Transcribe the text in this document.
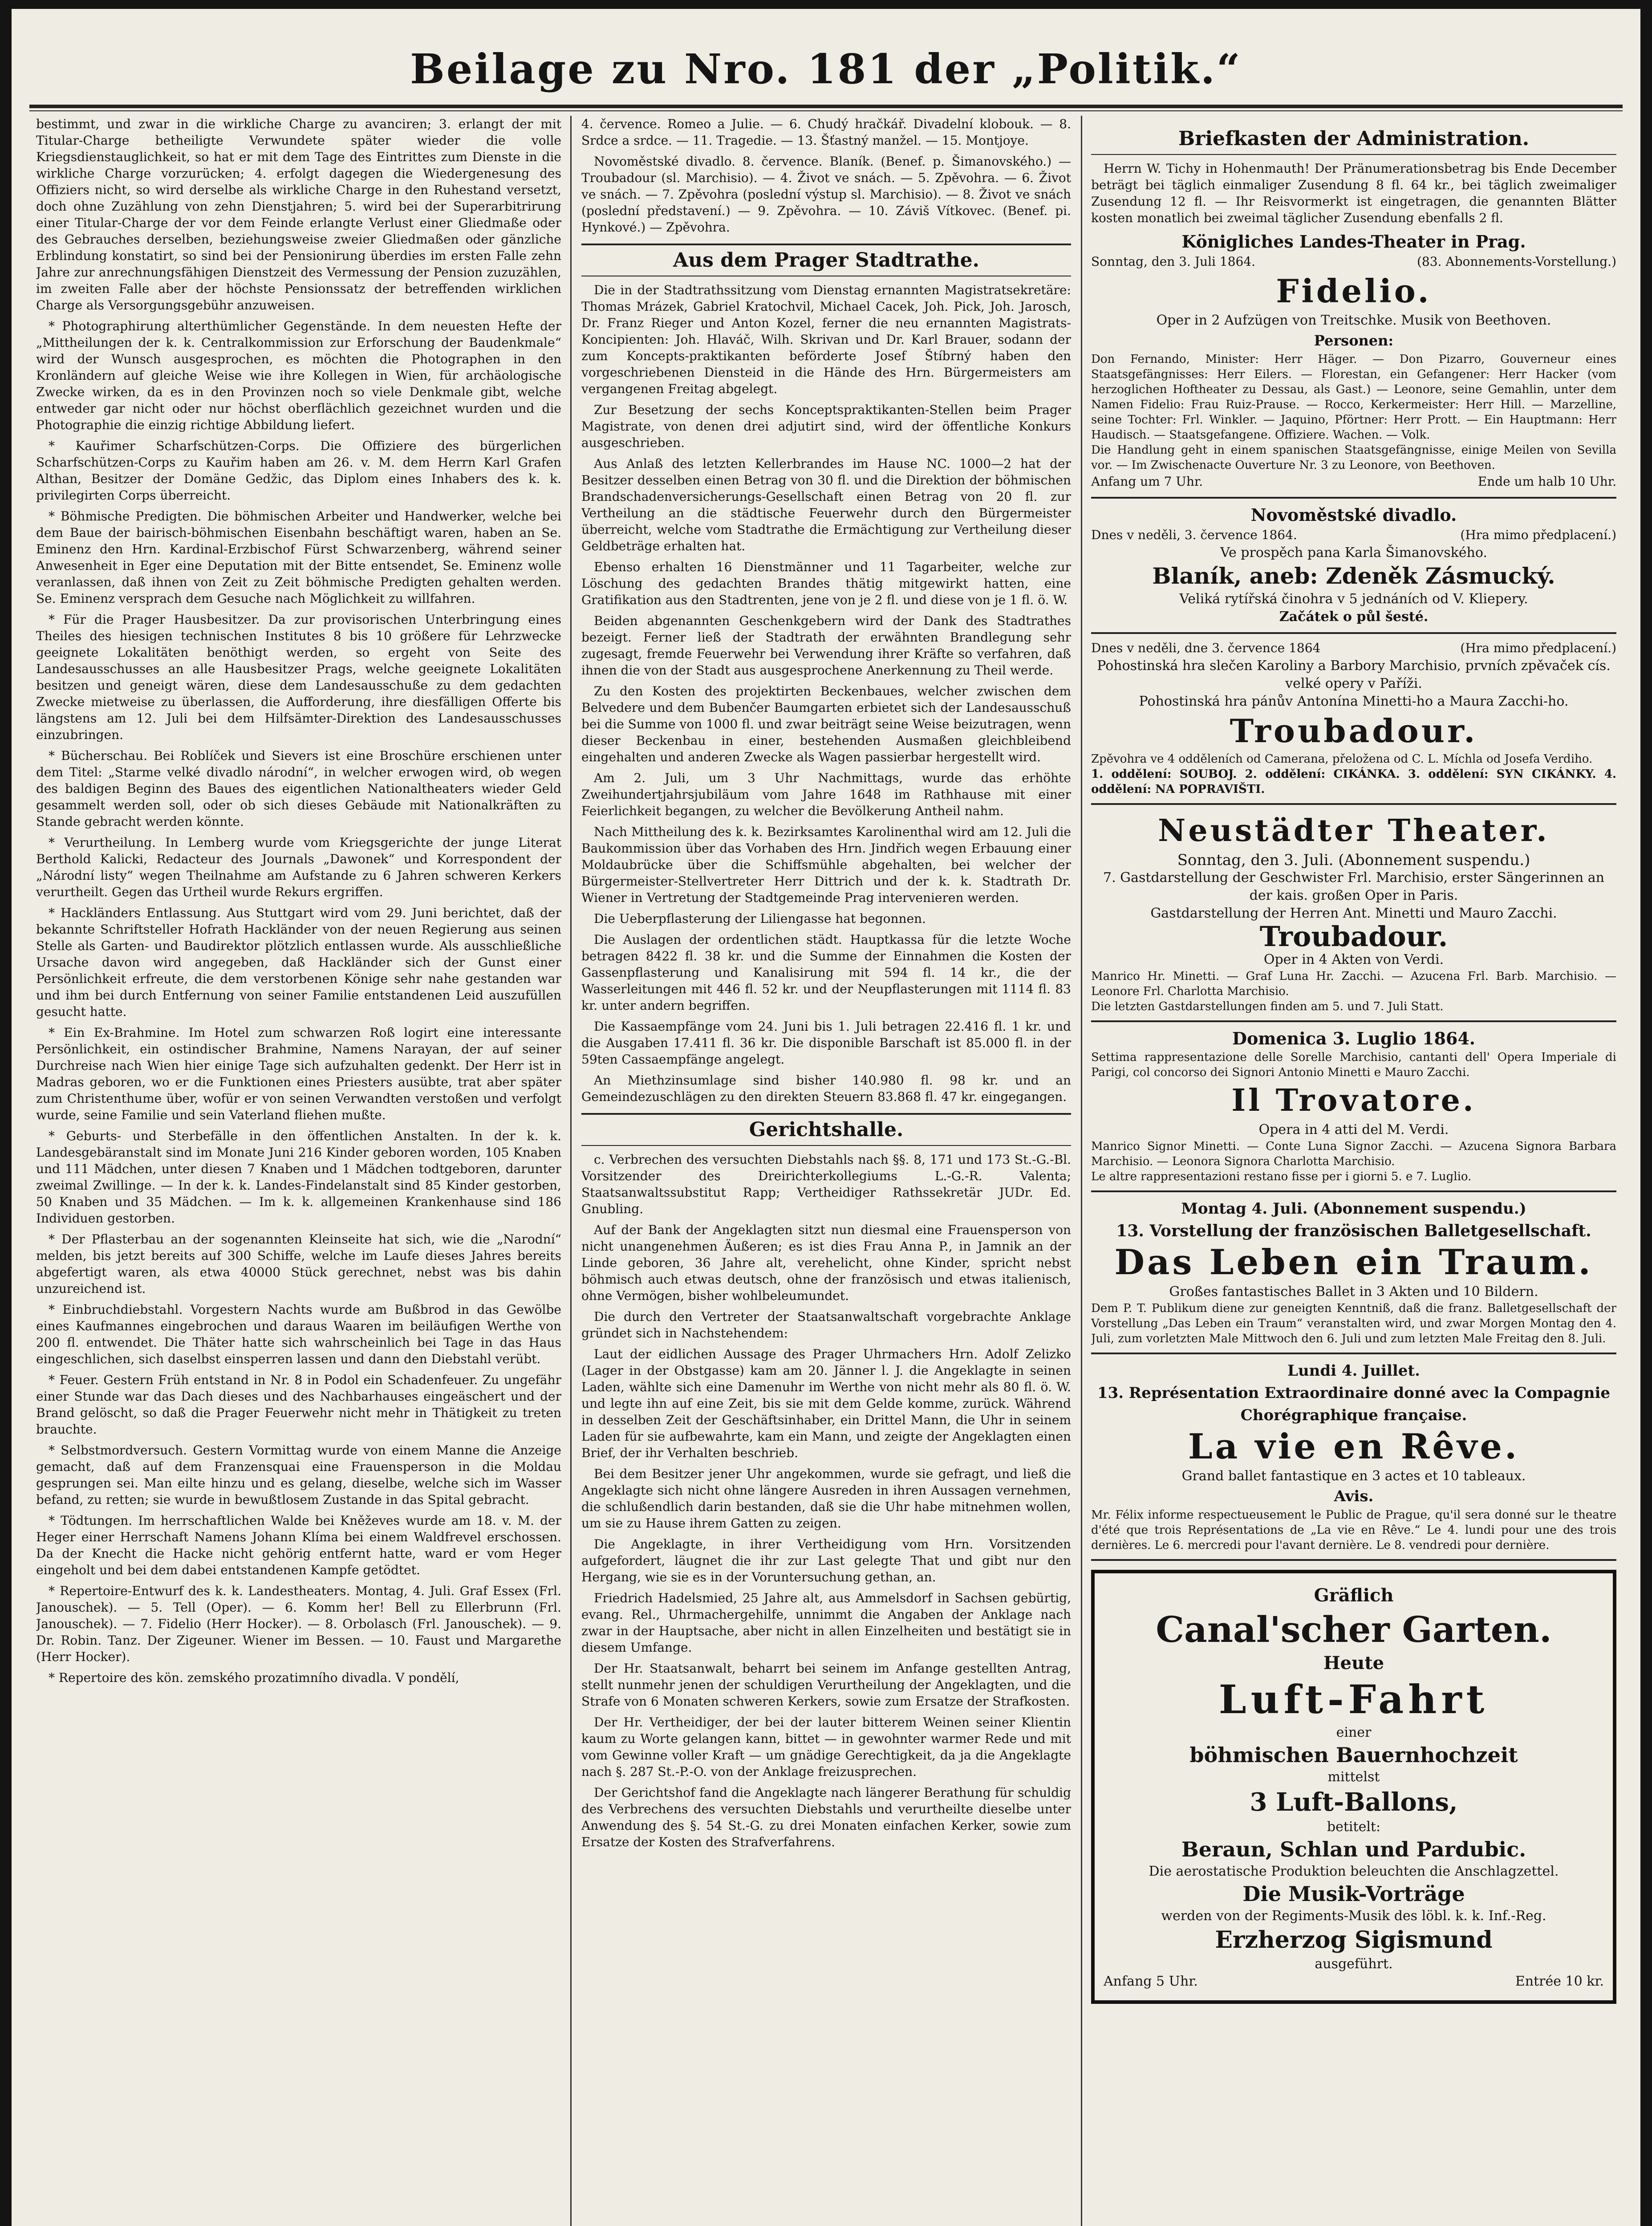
Beilage zu Nro. 181 der „Politik.“

bestimmt, und zwar in die wirkliche Charge zu avanciren; 3. erlangt der mit Titular-Charge betheiligte Verwundete später wieder die volle Kriegsdienstauglichkeit, so hat er mit dem Tage des Eintrittes zum Dienste in die wirkliche Charge vorzurücken; 4. erfolgt dagegen die Wiedergenesung des Offiziers nicht, so wird derselbe als wirkliche Charge in den Ruhestand versetzt, doch ohne Zuzählung von zehn Dienstjahren; 5. wird bei der Superarbitrirung einer Titular-Charge der vor dem Feinde erlangte Verlust einer Gliedmaße oder des Gebrauches derselben, beziehungsweise zweier Gliedmaßen oder gänzliche Erblindung konstatirt, so sind bei der Pensionirung überdies im ersten Falle zehn Jahre zur anrechnungsfähigen Dienstzeit des Vermessung der Pension zuzuzählen, im zweiten Falle aber der höchste Pensionssatz der betreffenden wirklichen Charge als Versorgungsgebühr anzuweisen.

* Photographirung alterthümlicher Gegenstände. In dem neuesten Hefte der „Mittheilungen der k. k. Centralkommission zur Erforschung der Baudenkmale“ wird der Wunsch ausgesprochen, es möchten die Photographen in den Kronländern auf gleiche Weise wie ihre Kollegen in Wien, für archäologische Zwecke wirken, da es in den Provinzen noch so viele Denkmale gibt, welche entweder gar nicht oder nur höchst oberflächlich gezeichnet wurden und die Photographie die einzig richtige Abbildung liefert.

* Kauřimer Scharfschützen-Corps. Die Offiziere des bürgerlichen Scharfschützen-Corps zu Kauřim haben am 26. v. M. dem Herrn Karl Grafen Althan, Besitzer der Domäne Gedžic, das Diplom eines Inhabers des k. k. privilegirten Corps überreicht.

* Böhmische Predigten. Die böhmischen Arbeiter und Handwerker, welche bei dem Baue der bairisch-böhmischen Eisenbahn beschäftigt waren, haben an Se. Eminenz den Hrn. Kardinal-Erzbischof Fürst Schwarzenberg, während seiner Anwesenheit in Eger eine Deputation mit der Bitte entsendet, Se. Eminenz wolle veranlassen, daß ihnen von Zeit zu Zeit böhmische Predigten gehalten werden. Se. Eminenz versprach dem Gesuche nach Möglichkeit zu willfahren.

* Für die Prager Hausbesitzer. Da zur provisorischen Unterbringung eines Theiles des hiesigen technischen Institutes 8 bis 10 größere für Lehrzwecke geeignete Lokalitäten benöthigt werden, so ergeht von Seite des Landesausschusses an alle Hausbesitzer Prags, welche geeignete Lokalitäten besitzen und geneigt wären, diese dem Landesausschuße zu dem gedachten Zwecke mietweise zu überlassen, die Aufforderung, ihre diesfälligen Offerte bis längstens am 12. Juli bei dem Hilfsämter-Direktion des Landesausschusses einzubringen.

* Bücherschau. Bei Roblíček und Sievers ist eine Broschüre erschienen unter dem Titel: „Starme velké divadlo národní“, in welcher erwogen wird, ob wegen des baldigen Beginn des Baues des eigentlichen Nationaltheaters wieder Geld gesammelt werden soll, oder ob sich dieses Gebäude mit Nationalkräften zu Stande gebracht werden könnte.

* Verurtheilung. In Lemberg wurde vom Kriegsgerichte der junge Literat Berthold Kalicki, Redacteur des Journals „Dawonek“ und Korrespondent der „Národní listy“ wegen Theilnahme am Aufstande zu 6 Jahren schweren Kerkers verurtheilt. Gegen das Urtheil wurde Rekurs ergriffen.

* Hackländers Entlassung. Aus Stuttgart wird vom 29. Juni berichtet, daß der bekannte Schriftsteller Hofrath Hackländer von der neuen Regierung aus seinen Stelle als Garten- und Baudirektor plötzlich entlassen wurde. Als ausschließliche Ursache davon wird angegeben, daß Hackländer sich der Gunst einer Persönlichkeit erfreute, die dem verstorbenen Könige sehr nahe gestanden war und ihm bei durch Entfernung von seiner Familie entstandenen Leid auszufüllen gesucht hatte.

* Ein Ex-Brahmine. Im Hotel zum schwarzen Roß logirt eine interessante Persönlichkeit, ein ostindischer Brahmine, Namens Narayan, der auf seiner Durchreise nach Wien hier einige Tage sich aufzuhalten gedenkt. Der Herr ist in Madras geboren, wo er die Funktionen eines Priesters ausübte, trat aber später zum Christenthume über, wofür er von seinen Verwandten verstoßen und verfolgt wurde, seine Familie und sein Vaterland fliehen mußte.

* Geburts- und Sterbefälle in den öffentlichen Anstalten. In der k. k. Landesgebäranstalt sind im Monate Juni 216 Kinder geboren worden, 105 Knaben und 111 Mädchen, unter diesen 7 Knaben und 1 Mädchen todtgeboren, darunter zweimal Zwillinge. — In der k. k. Landes-Findelanstalt sind 85 Kinder gestorben, 50 Knaben und 35 Mädchen. — Im k. k. allgemeinen Krankenhause sind 186 Individuen gestorben.

* Der Pflasterbau an der sogenannten Kleinseite hat sich, wie die „Narodní“ melden, bis jetzt bereits auf 300 Schiffe, welche im Laufe dieses Jahres bereits abgefertigt waren, als etwa 40000 Stück gerechnet, nebst was bis dahin unzureichend ist.

* Einbruchdiebstahl. Vorgestern Nachts wurde am Bußbrod in das Gewölbe eines Kaufmannes eingebrochen und daraus Waaren im beiläufigen Werthe von 200 fl. entwendet. Die Thäter hatte sich wahrscheinlich bei Tage in das Haus eingeschlichen, sich daselbst einsperren lassen und dann den Diebstahl verübt.

* Feuer. Gestern Früh entstand in Nr. 8 in Podol ein Schadenfeuer. Zu ungefähr einer Stunde war das Dach dieses und des Nachbarhauses eingeäschert und der Brand gelöscht, so daß die Prager Feuerwehr nicht mehr in Thätigkeit zu treten brauchte.

* Selbstmordversuch. Gestern Vormittag wurde von einem Manne die Anzeige gemacht, daß auf dem Franzensquai eine Frauensperson in die Moldau gesprungen sei. Man eilte hinzu und es gelang, dieselbe, welche sich im Wasser befand, zu retten; sie wurde in bewußtlosem Zustande in das Spital gebracht.

* Tödtungen. Im herrschaftlichen Walde bei Kněževes wurde am 18. v. M. der Heger einer Herrschaft Namens Johann Klíma bei einem Waldfrevel erschossen. Da der Knecht die Hacke nicht gehörig entfernt hatte, ward er vom Heger eingeholt und bei dem dabei entstandenen Kampfe getödtet.

* Repertoire-Entwurf des k. k. Landestheaters. Montag, 4. Juli. Graf Essex (Frl. Janouschek). — 5. Tell (Oper). — 6. Komm her! Bell zu Ellerbrunn (Frl. Janouschek). — 7. Fidelio (Herr Hocker). — 8. Orbolasch (Frl. Janouschek). — 9. Dr. Robin. Tanz. Der Zigeuner. Wiener im Bessen. — 10. Faust und Margarethe (Herr Hocker).

* Repertoire des kön. zemského prozatimního divadla. V pondělí,

4. července. Romeo a Julie. — 6. Chudý hračkář. Divadelní klobouk. — 8. Srdce a srdce. — 11. Tragedie. — 13. Šťastný manžel. — 15. Montjoye.

Novoměstské divadlo. 8. července. Blaník. (Benef. p. Šimanovského.) — Troubadour (sl. Marchisio). — 4. Život ve snách. — 5. Zpěvohra. — 6. Život ve snách. — 7. Zpěvohra (poslední výstup sl. Marchisio). — 8. Život ve snách (poslední představení.) — 9. Zpěvohra. — 10. Záviš Vítkovec. (Benef. pi. Hynkové.) — Zpěvohra.

Aus dem Prager Stadtrathe.

Die in der Stadtrathssitzung vom Dienstag ernannten Magistratsekretäre: Thomas Mrázek, Gabriel Kratochvil, Michael Cacek, Joh. Pick, Joh. Jarosch, Dr. Franz Rieger und Anton Kozel, ferner die neu ernannten Magistrats-Koncipienten: Joh. Hlaváč, Wilh. Skrivan und Dr. Karl Brauer, sodann der zum Koncepts-praktikanten beförderte Josef Štíbrný haben den vorgeschriebenen Diensteid in die Hände des Hrn. Bürgermeisters am vergangenen Freitag abgelegt.

Zur Besetzung der sechs Konceptspraktikanten-Stellen beim Prager Magistrate, von denen drei adjutirt sind, wird der öffentliche Konkurs ausgeschrieben.

Aus Anlaß des letzten Kellerbrandes im Hause NC. 1000—2 hat der Besitzer desselben einen Betrag von 30 fl. und die Direktion der böhmischen Brandschadenversicherungs-Gesellschaft einen Betrag von 20 fl. zur Vertheilung an die städtische Feuerwehr durch den Bürgermeister überreicht, welche vom Stadtrathe die Ermächtigung zur Vertheilung dieser Geldbeträge erhalten hat.

Ebenso erhalten 16 Dienstmänner und 11 Tagarbeiter, welche zur Löschung des gedachten Brandes thätig mitgewirkt hatten, eine Gratifikation aus den Stadtrenten, jene von je 2 fl. und diese von je 1 fl. ö. W.

Beiden abgenannten Geschenkgebern wird der Dank des Stadtrathes bezeigt. Ferner ließ der Stadtrath der erwähnten Brandlegung sehr zugesagt, fremde Feuerwehr bei Verwendung ihrer Kräfte so verfahren, daß ihnen die von der Stadt aus ausgesprochene Anerkennung zu Theil werde.

Zu den Kosten des projektirten Beckenbaues, welcher zwischen dem Belvedere und dem Bubenčer Baumgarten erbietet sich der Landesausschuß bei die Summe von 1000 fl. und zwar beiträgt seine Weise beizutragen, wenn dieser Beckenbau in einer, bestehenden Ausmaßen gleichbleibend eingehalten und anderen Zwecke als Wagen passierbar hergestellt wird.

Am 2. Juli, um 3 Uhr Nachmittags, wurde das erhöhte Zweihundertjahrsjubiläum vom Jahre 1648 im Rathhause mit einer Feierlichkeit begangen, zu welcher die Bevölkerung Antheil nahm.

Nach Mittheilung des k. k. Bezirksamtes Karolinenthal wird am 12. Juli die Baukommission über das Vorhaben des Hrn. Jindřich wegen Erbauung einer Moldaubrücke über die Schiffsmühle abgehalten, bei welcher der Bürgermeister-Stellvertreter Herr Dittrich und der k. k. Stadtrath Dr. Wiener in Vertretung der Stadtgemeinde Prag intervenieren werden.

Die Ueberpflasterung der Liliengasse hat begonnen.

Die Auslagen der ordentlichen städt. Hauptkassa für die letzte Woche betragen 8422 fl. 38 kr. und die Summe der Einnahmen die Kosten der Gassenpflasterung und Kanalisirung mit 594 fl. 14 kr., die der Wasserleitungen mit 446 fl. 52 kr. und der Neupflasterungen mit 1114 fl. 83 kr. unter andern begriffen.

Die Kassaempfänge vom 24. Juni bis 1. Juli betragen 22.416 fl. 1 kr. und die Ausgaben 17.411 fl. 36 kr. Die disponible Barschaft ist 85.000 fl. in der 59ten Cassaempfänge angelegt.

An Miethzinsumlage sind bisher 140.980 fl. 98 kr. und an Gemeindezuschlägen zu den direkten Steuern 83.868 fl. 47 kr. eingegangen.

Gerichtshalle.

c. Verbrechen des versuchten Diebstahls nach §§. 8, 171 und 173 St.-G.-Bl. Vorsitzender des Dreirichterkollegiums L.-G.-R. Valenta; Staatsanwaltssubstitut Rapp; Vertheidiger Rathssekretär JUDr. Ed. Gnubling.

Auf der Bank der Angeklagten sitzt nun diesmal eine Frauensperson von nicht unangenehmen Äußeren; es ist dies Frau Anna P., in Jamnik an der Linde geboren, 36 Jahre alt, verehelicht, ohne Kinder, spricht nebst böhmisch auch etwas deutsch, ohne der französisch und etwas italienisch, ohne Vermögen, bisher wohlbeleumundet.

Die durch den Vertreter der Staatsanwaltschaft vorgebrachte Anklage gründet sich in Nachstehendem:

Laut der eidlichen Aussage des Prager Uhrmachers Hrn. Adolf Zelizko (Lager in der Obstgasse) kam am 20. Jänner l. J. die Angeklagte in seinen Laden, wählte sich eine Damenuhr im Werthe von nicht mehr als 80 fl. ö. W. und legte ihn auf eine Zeit, bis sie mit dem Gelde komme, zurück. Während in desselben Zeit der Geschäftsinhaber, ein Drittel Mann, die Uhr in seinem Laden für sie aufbewahrte, kam ein Mann, und zeigte der Angeklagten einen Brief, der ihr Verhalten beschrieb.

Bei dem Besitzer jener Uhr angekommen, wurde sie gefragt, und ließ die Angeklagte sich nicht ohne längere Ausreden in ihren Aussagen vernehmen, die schlußendlich darin bestanden, daß sie die Uhr habe mitnehmen wollen, um sie zu Hause ihrem Gatten zu zeigen.

Die Angeklagte, in ihrer Vertheidigung vom Hrn. Vorsitzenden aufgefordert, läugnet die ihr zur Last gelegte That und gibt nur den Hergang, wie sie es in der Voruntersuchung gethan, an.

Friedrich Hadelsmied, 25 Jahre alt, aus Ammelsdorf in Sachsen gebürtig, evang. Rel., Uhrmachergehilfe, unnimmt die Angaben der Anklage nach zwar in der Hauptsache, aber nicht in allen Einzelheiten und bestätigt sie in diesem Umfange.

Der Hr. Staatsanwalt, beharrt bei seinem im Anfange gestellten Antrag, stellt nunmehr jenen der schuldigen Verurtheilung der Angeklagten, und die Strafe von 6 Monaten schweren Kerkers, sowie zum Ersatze der Strafkosten.

Der Hr. Vertheidiger, der bei der lauter bitterem Weinen seiner Klientin kaum zu Worte gelangen kann, bittet — in gewohnter warmer Rede und mit vom Gewinne voller Kraft — um gnädige Gerechtigkeit, da ja die Angeklagte nach §. 287 St.-P.-O. von der Anklage freizusprechen.

Der Gerichtshof fand die Angeklagte nach längerer Berathung für schuldig des Verbrechens des versuchten Diebstahls und verurtheilte dieselbe unter Anwendung des §. 54 St.-G. zu drei Monaten einfachen Kerker, sowie zum Ersatze der Kosten des Strafverfahrens.

Briefkasten der Administration.

Herrn W. Tichy in Hohenmauth! Der Pränumerationsbetrag bis Ende December beträgt bei täglich einmaliger Zusendung 8 fl. 64 kr., bei täglich zweimaliger Zusendung 12 fl. — Ihr Reisvormerkt ist eingetragen, die genannten Blätter kosten monatlich bei zweimal täglicher Zusendung ebenfalls 2 fl.

Königliches Landes-Theater in Prag.
Sonntag, den 3. Juli 1864.	(83. Abonnements-Vorstellung.)
Fidelio.
Oper in 2 Aufzügen von Treitschke. Musik von Beethoven.
Personen:
Don Fernando, Minister: Herr Häger. — Don Pizarro, Gouverneur eines Staatsgefängnisses: Herr Eilers. — Florestan, ein Gefangener: Herr Hacker (vom herzoglichen Hoftheater zu Dessau, als Gast.) — Leonore, seine Gemahlin, unter dem Namen Fidelio: Frau Ruiz-Prause. — Rocco, Kerkermeister: Herr Hill. — Marzelline, seine Tochter: Frl. Winkler. — Jaquino, Pförtner: Herr Prott. — Ein Hauptmann: Herr Haudisch. — Staatsgefangene. Offiziere. Wachen. — Volk.
Die Handlung geht in einem spanischen Staatsgefängnisse, einige Meilen von Sevilla vor. — Im Zwischenacte Ouverture Nr. 3 zu Leonore, von Beethoven.
Anfang um 7 Uhr.	Ende um halb 10 Uhr.
Novoměstské divadlo.
Dnes v neděli, 3. července 1864.	(Hra mimo předplacení.)
Ve prospěch pana Karla Šimanovského.
Blaník, aneb: Zdeněk Zásmucký.
Veliká rytířská činohra v 5 jednáních od V. Kliepery.
Začátek o půl šesté.
Dnes v neděli, dne 3. července 1864	(Hra mimo předplacení.)
Pohostinská hra slečen Karoliny a Barbory Marchisio, prvních zpěvaček cís. velké opery v Paříži.
Pohostinská hra pánův Antonína Minetti-ho a Maura Zacchi-ho.
Troubadour.
Zpěvohra ve 4 odděleních od Camerana, přeložena od C. L. Míchla od Josefa Verdiho.
1. oddělení: SOUBOJ. 2. oddělení: CIKÁNKA. 3. oddělení: SYN CIKÁNKY. 4. oddělení: NA POPRAVIŠTI.
Neustädter Theater.
Sonntag, den 3. Juli. (Abonnement suspendu.)
7. Gastdarstellung der Geschwister Frl. Marchisio, erster Sängerinnen an der kais. großen Oper in Paris.
Gastdarstellung der Herren Ant. Minetti und Mauro Zacchi.
Troubadour.
Oper in 4 Akten von Verdi.
Manrico Hr. Minetti. — Graf Luna Hr. Zacchi. — Azucena Frl. Barb. Marchisio. — Leonore Frl. Charlotta Marchisio.
Die letzten Gastdarstellungen finden am 5. und 7. Juli Statt.
Domenica 3. Luglio 1864.
Settima rappresentazione delle Sorelle Marchisio, cantanti dell' Opera Imperiale di Parigi, col concorso dei Signori Antonio Minetti e Mauro Zacchi.
Il Trovatore.
Opera in 4 atti del M. Verdi.
Manrico Signor Minetti. — Conte Luna Signor Zacchi. — Azucena Signora Barbara Marchisio. — Leonora Signora Charlotta Marchisio.
Le altre rappresentazioni restano fisse per i giorni 5. e 7. Luglio.
Montag 4. Juli. (Abonnement suspendu.)
13. Vorstellung der französischen Balletgesellschaft.
Das Leben ein Traum.
Großes fantastisches Ballet in 3 Akten und 10 Bildern.
Dem P. T. Publikum diene zur geneigten Kenntniß, daß die franz. Balletgesellschaft der Vorstellung „Das Leben ein Traum“ veranstalten wird, und zwar Morgen Montag den 4. Juli, zum vorletzten Male Mittwoch den 6. Juli und zum letzten Male Freitag den 8. Juli.
Lundi 4. Juillet.
13. Représentation Extraordinaire donné avec la Compagnie Chorégraphique française.
La vie en Rêve.
Grand ballet fantastique en 3 actes et 10 tableaux.
Avis.
Mr. Félix informe respectueusement le Public de Prague, qu'il sera donné sur le theatre d'été que trois Représentations de „La vie en Rêve.“ Le 4. lundi pour une des trois dernières. Le 6. mercredi pour l'avant dernière. Le 8. vendredi pour dernière.
Gräflich
Canal'scher Garten.
Heute
Luft-Fahrt
einer
böhmischen Bauernhochzeit
mittelst
3 Luft-Ballons,
betitelt:
Beraun, Schlan und Pardubic.
Die aerostatische Produktion beleuchten die Anschlagzettel.
Die Musik-Vorträge
werden von der Regiments-Musik des löbl. k. k. Inf.-Reg.
Erzherzog Sigismund
ausgeführt.
Anfang 5 Uhr.	Entrée 10 kr.
